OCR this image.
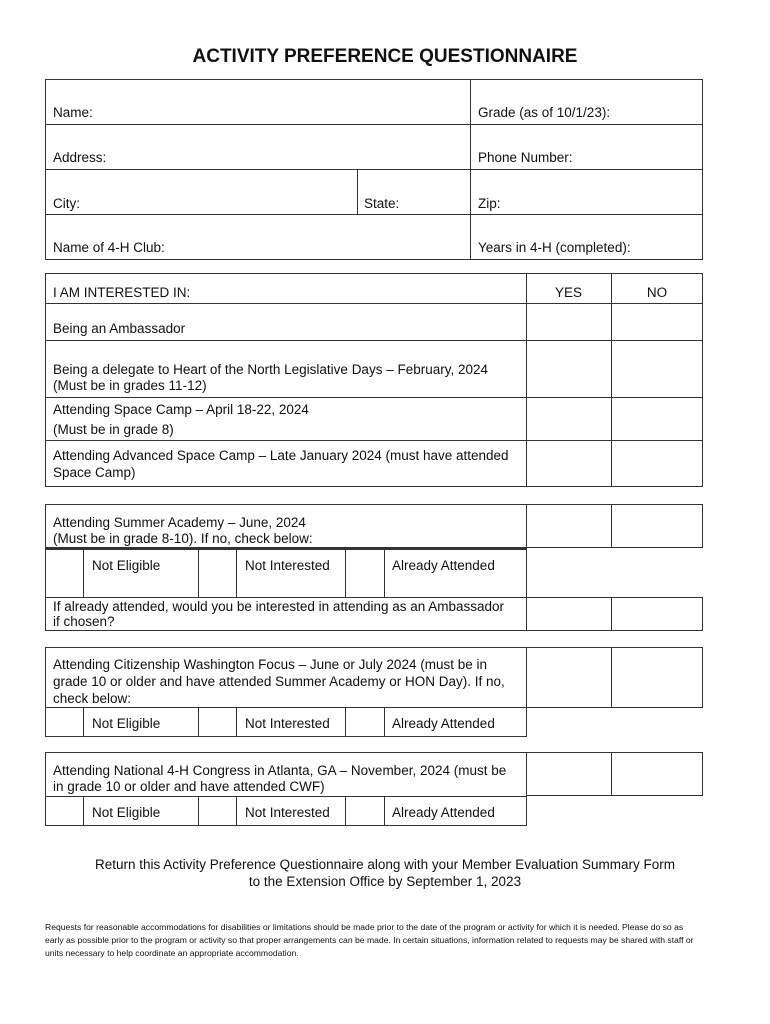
ACTIVITY PREFERENCE QUESTIONNAIRE
Name:	Grade (as of 10/1/23):
Address:	Phone Number:
City:	State:	Zip:
Name of 4-H Club:	Years in 4-H (completed):
I AM INTERESTED IN:	YES	NO
Being an Ambassador
Being a delegate to Heart of the North Legislative Days – February, 2024
(Must be in grades 11-12)
Attending Space Camp – April 18-22, 2024
(Must be in grade 8)
Attending Advanced Space Camp – Late January 2024 (must have attended
Space Camp)
Attending Summer Academy – June, 2024
(Must be in grade 8-10). If no, check below:
Not Eligible	Not Interested	Already Attended
If already attended, would you be interested in attending as an Ambassador
if chosen?
Attending Citizenship Washington Focus – June or July 2024 (must be in
grade 10 or older and have attended Summer Academy or HON Day). If no,
check below:
Not Eligible	Not Interested	Already Attended
Attending National 4-H Congress in Atlanta, GA – November, 2024 (must be
in grade 10 or older and have attended CWF)
Not Eligible	Not Interested	Already Attended
Return this Activity Preference Questionnaire along with your Member Evaluation Summary Form
to the Extension Office by September 1, 2023
Requests for reasonable accommodations for disabilities or limitations should be made prior to the date of the program or activity for which it is needed. Please do so as
early as possible prior to the program or activity so that proper arrangements can be made. In certain situations, information related to requests may be shared with staff or
units necessary to help coordinate an appropriate accommodation.
